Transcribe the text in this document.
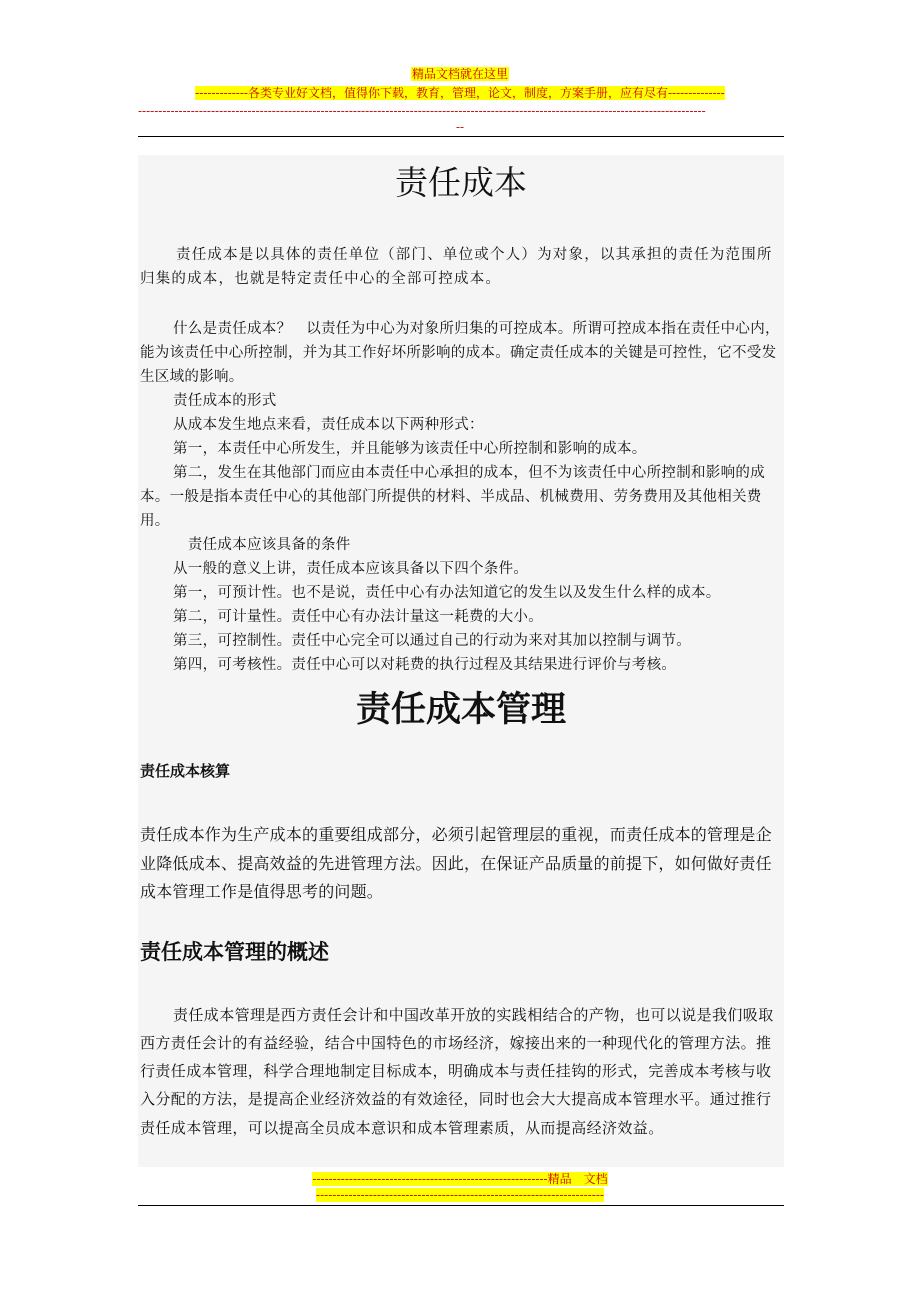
精品文档就在这里
-------------各类专业好文档，值得你下载，教育，管理，论文，制度，方案手册，应有尽有--------------
--------------------------------------------------------------------------------------------------------------------------------------------
--
责任成本

责任成本是以具体的责任单位（部门、单位或个人）为对象，以其承担的责任为范围所归集的成本，也就是特定责任中心的全部可控成本。

什么是责任成本？　以责任为中心为对象所归集的可控成本。所谓可控成本指在责任中心内，能为该责任中心所控制，并为其工作好坏所影响的成本。确定责任成本的关键是可控性，它不受发生区域的影响。

责任成本的形式

从成本发生地点来看，责任成本以下两种形式：

第一，本责任中心所发生，并且能够为该责任中心所控制和影响的成本。

第二，发生在其他部门而应由本责任中心承担的成本，但不为该责任中心所控制和影响的成本。一般是指本责任中心的其他部门所提供的材料、半成品、机械费用、劳务费用及其他相关费用。

　责任成本应该具备的条件

从一般的意义上讲，责任成本应该具备以下四个条件。

第一，可预计性。也不是说，责任中心有办法知道它的发生以及发生什么样的成本。

第二，可计量性。责任中心有办法计量这一耗费的大小。

第三，可控制性。责任中心完全可以通过自己的行动为来对其加以控制与调节。

第四，可考核性。责任中心可以对耗费的执行过程及其结果进行评价与考核。

责任成本管理
责任成本核算

责任成本作为生产成本的重要组成部分，必须引起管理层的重视，而责任成本的管理是企业降低成本、提高效益的先进管理方法。因此，在保证产品质量的前提下，如何做好责任成本管理工作是值得思考的问题。

责任成本管理的概述

责任成本管理是西方责任会计和中国改革开放的实践相结合的产物，也可以说是我们吸取西方责任会计的有益经验，结合中国特色的市场经济，嫁接出来的一种现代化的管理方法。推行责任成本管理，科学合理地制定目标成本，明确成本与责任挂钩的形式，完善成本考核与收入分配的方法，是提高企业经济效益的有效途径，同时也会大大提高成本管理水平。通过推行责任成本管理，可以提高全员成本意识和成本管理素质，从而提高经济效益。

----------------------------------------------------------精品　文档
-----------------------------------------------------------------------
